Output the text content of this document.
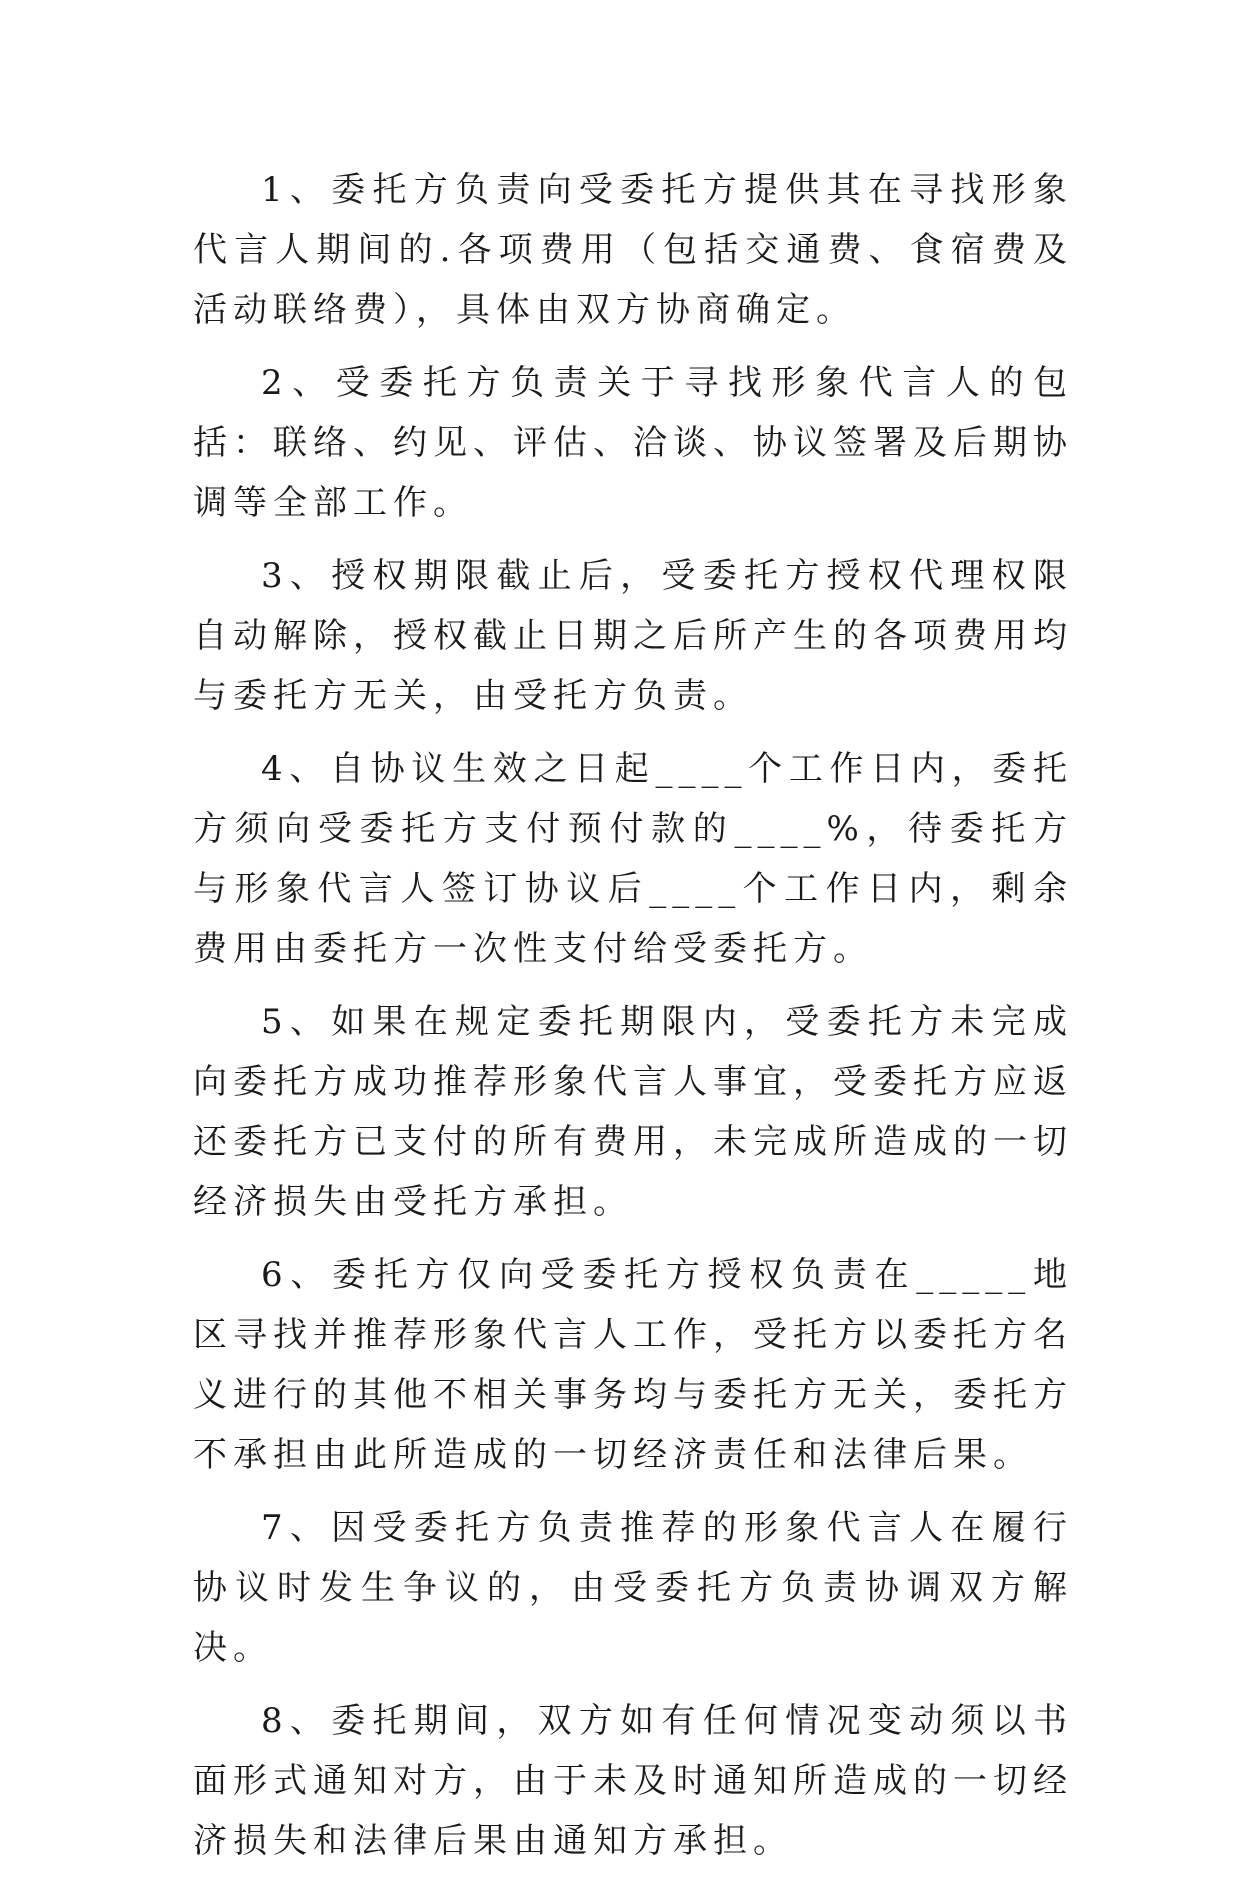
1、委托方负责向受委托方提供其在寻找形象代言人期间的.各项费用（包括交通费、食宿费及活动联络费），具体由双方协商确定。

2、受委托方负责关于寻找形象代言人的包括：联络、约见、评估、洽谈、协议签署及后期协调等全部工作。

3、授权期限截止后，受委托方授权代理权限自动解除，授权截止日期之后所产生的各项费用均与委托方无关，由受托方负责。

4、自协议生效之日起____个工作日内，委托方须向受委托方支付预付款的____%，待委托方与形象代言人签订协议后____个工作日内，剩余费用由委托方一次性支付给受委托方。

5、如果在规定委托期限内，受委托方未完成向委托方成功推荐形象代言人事宜，受委托方应返还委托方已支付的所有费用，未完成所造成的一切经济损失由受托方承担。

6、委托方仅向受委托方授权负责在_____地区寻找并推荐形象代言人工作，受托方以委托方名义进行的其他不相关事务均与委托方无关，委托方不承担由此所造成的一切经济责任和法律后果。

7、因受委托方负责推荐的形象代言人在履行协议时发生争议的，由受委托方负责协调双方解决。

8、委托期间，双方如有任何情况变动须以书面形式通知对方，由于未及时通知所造成的一切经济损失和法律后果由通知方承担。
